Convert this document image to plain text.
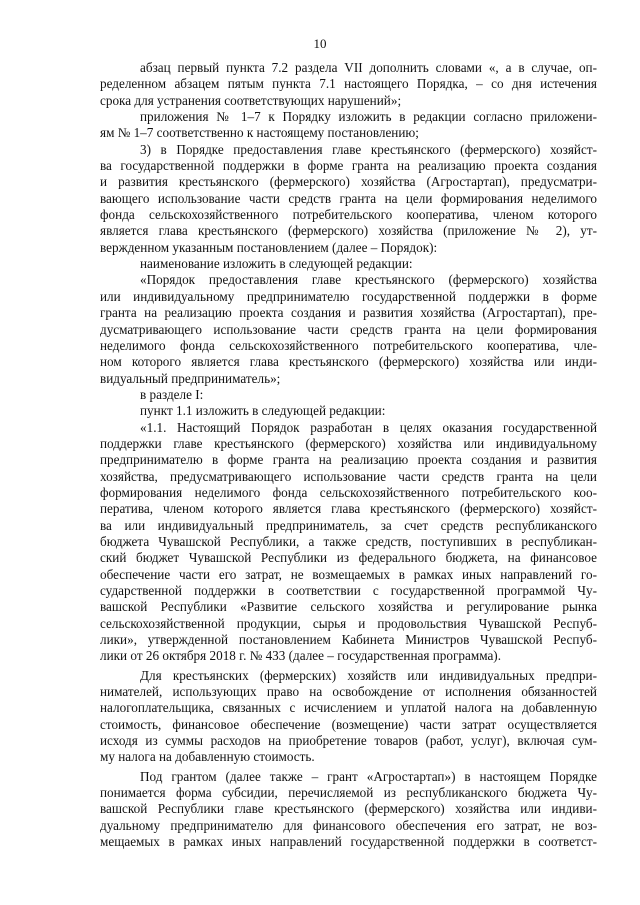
10
абзац первый пункта 7.2 раздела VII дополнить словами «, а в случае, оп-
ределенном абзацем пятым пункта 7.1 настоящего Порядка, – со дня истечения
срока для устранения соответствующих нарушений»;
приложения № 1–7 к Порядку изложить в редакции согласно приложени-
ям № 1–7 соответственно к настоящему постановлению;
3) в Порядке предоставления главе крестьянского (фермерского) хозяйст-
ва государственной поддержки в форме гранта на реализацию проекта создания
и развития крестьянского (фермерского) хозяйства (Агростартап), предусматри-
вающего использование части средств гранта на цели формирования неделимого
фонда сельскохозяйственного потребительского кооператива, членом которого
является глава крестьянского (фермерского) хозяйства (приложение № 2), ут-
вержденном указанным постановлением (далее – Порядок):
наименование изложить в следующей редакции:
«Порядок предоставления главе крестьянского (фермерского) хозяйства
или индивидуальному предпринимателю государственной поддержки в форме
гранта на реализацию проекта создания и развития хозяйства (Агростартап), пре-
дусматривающего использование части средств гранта на цели формирования
неделимого фонда сельскохозяйственного потребительского кооператива, чле-
ном которого является глава крестьянского (фермерского) хозяйства или инди-
видуальный предприниматель»;
в разделе I:
пункт 1.1 изложить в следующей редакции:
«1.1. Настоящий Порядок разработан в целях оказания государственной
поддержки главе крестьянского (фермерского) хозяйства или индивидуальному
предпринимателю в форме гранта на реализацию проекта создания и развития
хозяйства, предусматривающего использование части средств гранта на цели
формирования неделимого фонда сельскохозяйственного потребительского коо-
ператива, членом которого является глава крестьянского (фермерского) хозяйст-
ва или индивидуальный предприниматель, за счет средств республиканского
бюджета Чувашской Республики, а также средств, поступивших в республикан-
ский бюджет Чувашской Республики из федерального бюджета, на финансовое
обеспечение части его затрат, не возмещаемых в рамках иных направлений го-
сударственной поддержки в соответствии с государственной программой Чу-
вашской Республики «Развитие сельского хозяйства и регулирование рынка
сельскохозяйственной продукции, сырья и продовольствия Чувашской Респуб-
лики», утвержденной постановлением Кабинета Министров Чувашской Респуб-
лики от 26 октября 2018 г. № 433 (далее – государственная программа).
Для крестьянских (фермерских) хозяйств или индивидуальных предпри-
нимателей, использующих право на освобождение от исполнения обязанностей
налогоплательщика, связанных с исчислением и уплатой налога на добавленную
стоимость, финансовое обеспечение (возмещение) части затрат осуществляется
исходя из суммы расходов на приобретение товаров (работ, услуг), включая сум-
му налога на добавленную стоимость.
Под грантом (далее также – грант «Агростартап») в настоящем Порядке
понимается форма субсидии, перечисляемой из республиканского бюджета Чу-
вашской Республики главе крестьянского (фермерского) хозяйства или индиви-
дуальному предпринимателю для финансового обеспечения его затрат, не воз-
мещаемых в рамках иных направлений государственной поддержки в соответст-
